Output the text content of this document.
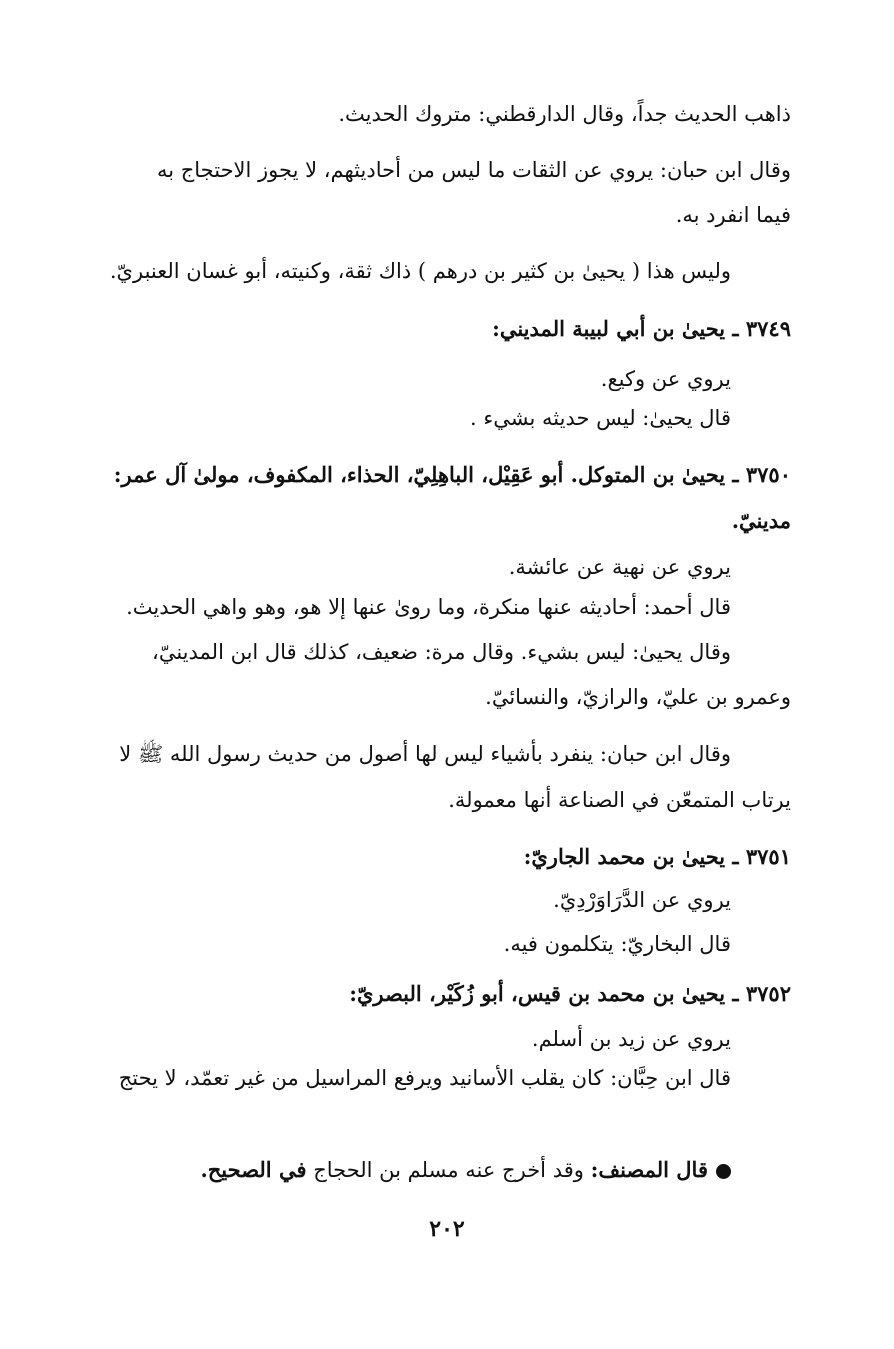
ذاهب الحديث جداً، وقال الدارقطني: متروك الحديث.
وقال ابن حبان: يروي عن الثقات ما ليس من أحاديثهم، لا يجوز الاحتجاج به
فيما انفرد به.
وليس هذا ( يحيىٰ بن كثير بن درهم ) ذاك ثقة، وكنيته، أبو غسان العنبريّ.
٣٧٤٩ ـ يحيىٰ بن أبي لبيبة المديني:
يروي عن وكيع.
قال يحيىٰ: ليس حديثه بشيء .
٣٧٥٠ ـ يحيىٰ بن المتوكل. أبو عَقِيْل، الباهِلِيّ، الحذاء، المكفوف، مولىٰ آل عمر:
مدينيّ.
يروي عن نهية عن عائشة.
قال أحمد: أحاديثه عنها منكرة، وما روىٰ عنها إلا هو، وهو واهي الحديث.
وقال يحيىٰ: ليس بشيء. وقال مرة: ضعيف، كذلك قال ابن المدينيّ،
وعمرو بن عليّ، والرازيّ، والنسائيّ.
وقال ابن حبان: ينفرد بأشياء ليس لها أصول من حديث رسول الله ﷺ لا
يرتاب المتمعّن في الصناعة أنها معمولة.
٣٧٥١ ـ يحيىٰ بن محمد الجاريّ:
يروي عن الدَّرَاوَرْدِيّ.
قال البخاريّ: يتكلمون فيه.
٣٧٥٢ ـ يحيىٰ بن محمد بن قيس، أبو زُكَيْر، البصريّ:
يروي عن زيد بن أسلم.
قال ابن حِبَّان: كان يقلب الأسانيد ويرفع المراسيل من غير تعمّد، لا يحتج
قال المصنف: وقد أخرج عنه مسلم بن الحجاج في الصحيح.
٢٠٢
